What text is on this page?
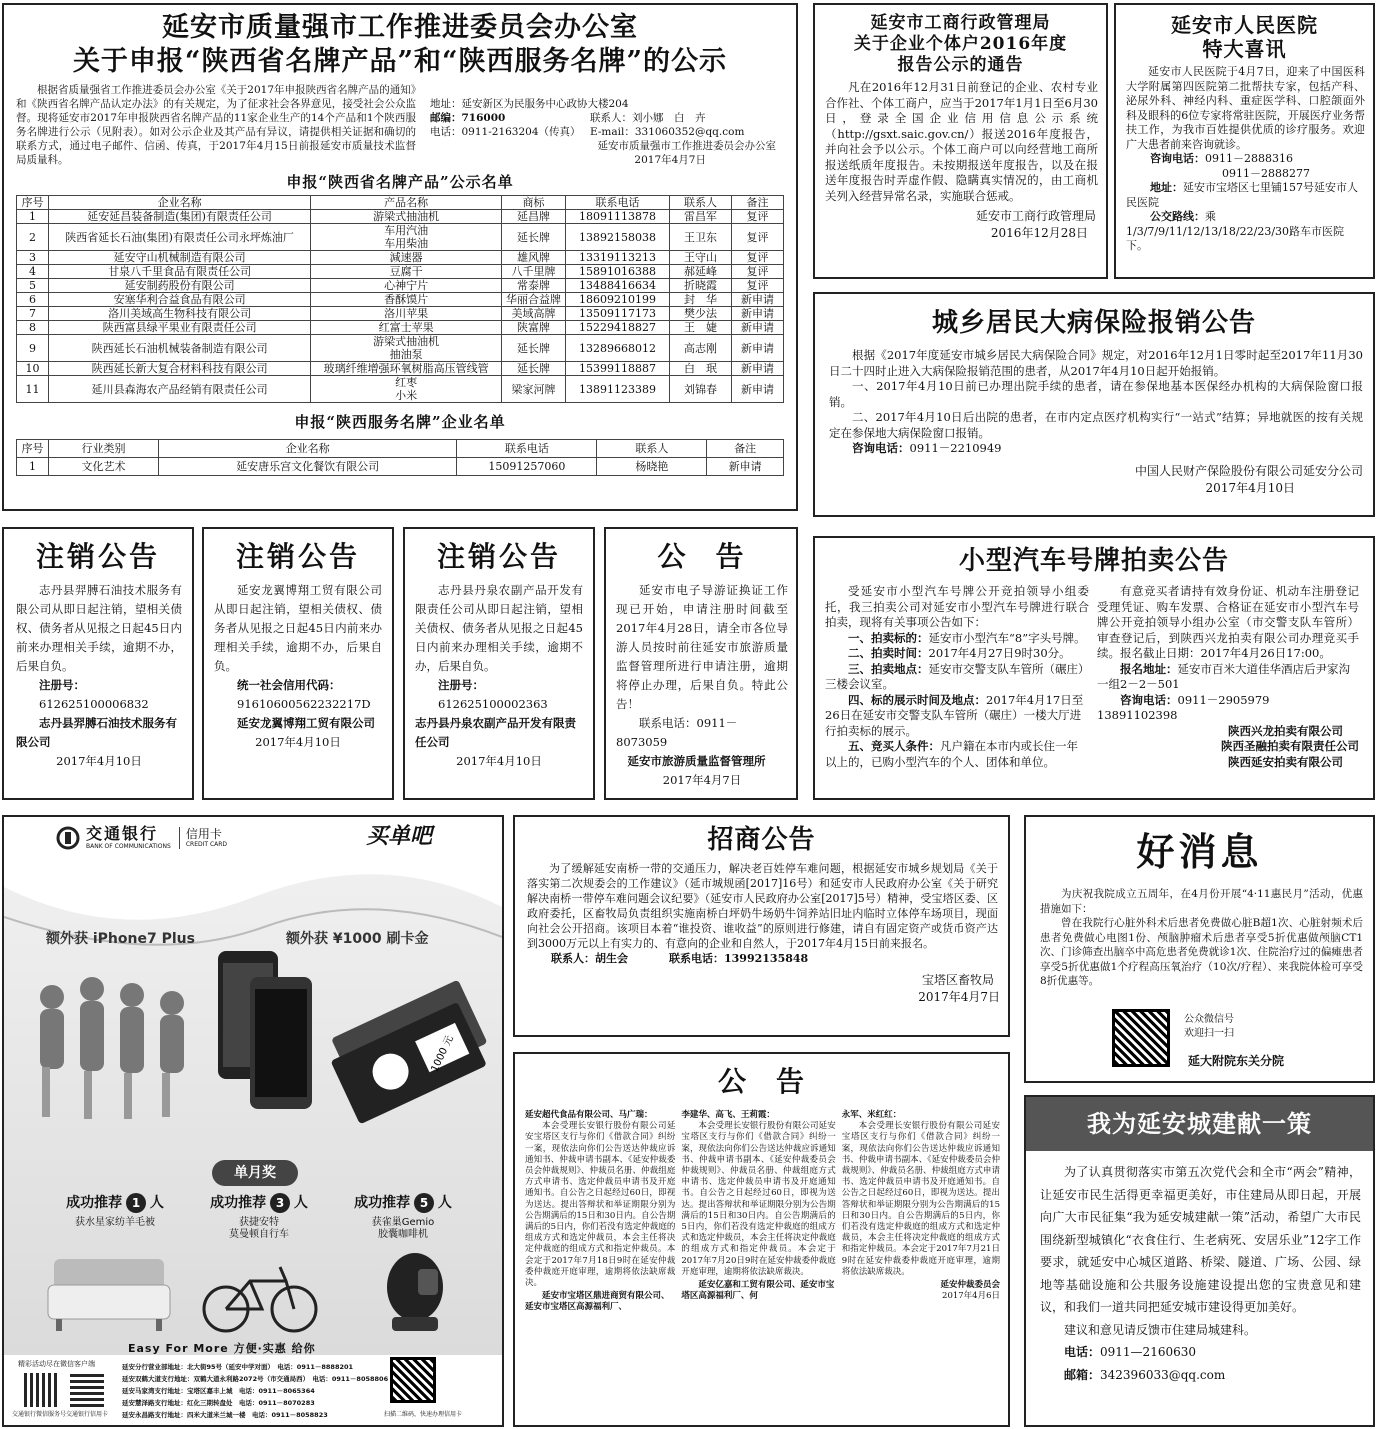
延安市质量强市工作推进委员会办公室
关于申报“陕西省名牌产品”和“陕西服务名牌”的公示
根据省质量强省工作推进委员会办公室《关于2017年申报陕西省名牌产品的通知》和《陕西省名牌产品认定办法》的有关规定，为了征求社会各界意见，接受社会公众监督。现将延安市2017年申报陕西省名牌产品的11家企业生产的14个产品和1个陕西服务名牌进行公示（见附表）。如对公示企业及其产品有异议，请提供相关证据和确切的联系方式，通过电子邮件、信函、传真，于2017年4月15日前报延安市质量技术监督局质量科。
地址：延安新区为民服务中心政协大楼204
邮编：716000	联系人：刘小娜　白　卉
电话：0911-2163204（传真） E-mail：331060352@qq.com
延安市质量强市工作推进委员会办公室
2017年4月7日
申报“陕西省名牌产品”公示名单
序号	企业名称	产品名称	商标	联系电话	联系人	备注
1	延安延昌装备制造(集团)有限责任公司	游梁式抽油机	延昌牌	18091113878	雷昌军	复评
2	陕西省延长石油(集团)有限责任公司永坪炼油厂	车用汽油
车用柴油	延长牌	13892158038	王卫东	复评
3	延安守山机械制造有限公司	減速器	雄风牌	13319113213	王守山	复评
4	甘泉八千里食品有限责任公司	豆腐干	八千里牌	15891016388	郝延峰	复评
5	延安制药股份有限公司	心神宁片	常泰牌	13488416634	折晓霞	复评
6	安塞华利合益食品有限公司	香酥馍片	华丽合益牌	18609210199	封　华	新申请
7	洛川美域高生物科技有限公司	洛川苹果	美域高牌	13509117173	樊少法	新申请
8	陕西富县绿平果业有限责任公司	红富士苹果	陕富牌	15229418827	王　婕	新申请
9	陕西延长石油机械装备制造有限公司	游梁式抽油机
抽油泵	延长牌	13289668012	高志刚	新申请
10	陕西延长新大复合材料科技有限公司	玻璃纤维增强环氧树脂高压管线管	延长牌	15399118887	白　珉	新申请
11	延川县森海农产品经销有限责任公司	红枣
小米	梁家河牌	13891123389	刘锦春	新申请
申报“陕西服务名牌”企业名单
序号	行业类别	企业名称	联系电话	联系人	备注
1	文化艺术	延安唐乐宫文化餐饮有限公司	15091257060	杨晓艳	新申请
延安市工商行政管理局
关于企业个体户2016年度
报告公示的通告
凡在2016年12月31日前登记的企业、农村专业合作社、个体工商户，应当于2017年1月1日至6月30日，登录全国企业信用信息公示系统（http://gsxt.saic.gov.cn/）报送2016年度报告，并向社会予以公示。个体工商户可以向经营地工商所报送纸质年度报告。未按期报送年度报告，以及在报送年度报告时弄虚作假、隐瞒真实情况的，由工商机关列入经营异常名录，实施联合惩戒。
延安市工商行政管理局
2016年12月28日
延安市人民医院
特大喜讯
延安市人民医院于4月7日，迎来了中国医科大学附属第四医院第二批帮扶专家，包括产科、泌尿外科、神经内科、重症医学科、口腔颌面外科及眼科的6位专家将常驻医院，开展医疗业务帮扶工作，为我市百姓提供优质的诊疗服务。欢迎广大患者前来咨询就诊。
咨询电话：0911－2888316
0911－2888277
地址：延安市宝塔区七里铺157号延安市人民医院
公交路线：乘1/3/7/9/11/12/13/18/22/23/30路车市医院下。
城乡居民大病保险报销公告
根据《2017年度延安市城乡居民大病保险合同》规定，对2016年12月1日零时起至2017年11月30日二十四时止进入大病保险报销范围的患者，从2017年4月10日起开始报销。
一、2017年4月10日前已办理出院手续的患者，请在参保地基本医保经办机构的大病保险窗口报销。
二、2017年4月10日后出院的患者，在市内定点医疗机构实行“一站式”结算；异地就医的按有关规定在参保地大病保险窗口报销。
咨询电话：0911－2210949
中国人民财产保险股份有限公司延安分公司
2017年4月10日
注销公告
志丹县羿膊石油技术服务有限公司从即日起注销，望相关债权、债务者从见报之日起45日内前来办理相关手续，逾期不办，后果自负。
注册号：
612625100006832
志丹县羿膊石油技术服务有限公司
2017年4月10日
注销公告
延安龙翼博翔工贸有限公司从即日起注销，望相关债权、债务者从见报之日起45日内前来办理相关手续，逾期不办，后果自负。
统一社会信用代码：
91610600562232217D
延安龙翼博翔工贸有限公司
2017年4月10日
注销公告
志丹县丹泉农副产品开发有限责任公司从即日起注销，望相关债权、债务者从见报之日起45日内前来办理相关手续，逾期不办，后果自负。
注册号：
612625100002363
志丹县丹泉农副产品开发有限责任公司
2017年4月10日
公　告
延安市电子导游证换证工作现已开始，申请注册时间截至2017年4月28日，请全市各位导游人员按时前往延安市旅游质量监督管理所进行申请注册，逾期将停止办理，后果自负。特此公告！
联系电话：0911－8073059
延安市旅游质量监督管理所
2017年4月7日
小型汽车号牌拍卖公告
受延安市小型汽车号牌公开竞拍领导小组委托，我三拍卖公司对延安市小型汽车号牌进行联合拍卖，现将有关事项公告如下：
一、拍卖标的：延安市小型汽车“8”字头号牌。
二、拍卖时间：2017年4月27日9时30分。
三、拍卖地点：延安市交警支队车管所（碾庄）三楼会议室。
四、标的展示时间及地点：2017年4月17日至26日在延安市交警支队车管所（碾庄）一楼大厅进行拍卖标的展示。
五、竞买人条件：凡户籍在本市内或长住一年以上的，已购小型汽车的个人、团体和单位。
有意竞买者请持有效身份证、机动车注册登记受理凭证、购车发票、合格证在延安市小型汽车号牌公开竞拍领导小组办公室（市交警支队车管所）审查登记后，到陕西兴龙拍卖有限公司办理竞买手续。报名截止日期：2017年4月26日17:00。
报名地址：延安市百米大道佳华酒店后尹家沟一组2－2－501
咨询电话：0911－2905979　13891102398
陕西兴龙拍卖有限公司
陕西圣融拍卖有限责任公司
陕西延安拍卖有限公司
交通银行
BANK OF COMMUNICATIONS
信用卡
CREDIT CARD	买单吧
额外获 iPhone7 Plus	额外获 ¥1000 刷卡金
1000 元
单月奖
成功推荐 1 人
获水星家纺羊毛被
成功推荐 3 人
获捷安特
莫曼顿自行车
成功推荐 5 人
获雀巢Gemio
胶囊咖啡机
Easy For More 方便·实惠 给你
精彩活动尽在微信客户端
交通银行微信服务号 交通银行信用卡
延安分行营业部地址：北大街95号（延安中学对面）　电话：0911－8888201
延安双鹤大道支行地址：双鹤大道永利路2072号（市交通局西）　电话：0911－8058806
延安马家湾支行地址：宝塔区嘉丰上城　电话：0911－8065364
延安慧泽路支行地址：红化三期转盘处　电话：0911－8070283
延安永昌路支行地址：四米大道米兰城一楼　电话：0911－8058823	扫描二维码，快速办理信用卡
招商公告
为了缓解延安南桥一带的交通压力，解决老百姓停车难问题，根据延安市城乡规划局《关于落实第二次规委会的工作建议》（延市城规函[2017]16号）和延安市人民政府办公室《关于研究解决南桥一带停车难问题会议纪要》（延安市人民政府办公室[2017]5号）精神，受宝塔区委、区政府委托，区畜牧局负责组织实施南桥白坪奶牛场奶牛饲养站旧址内临时立体停车场项目，现面向社会公开招商。该项目本着“谁投资、谁收益”的原则进行修建，请自有固定资产或货币资产达到3000万元以上有实力的、有意向的企业和自然人，于2017年4月15日前来报名。
联系人：胡生会	联系电话：13992135848
宝塔区畜牧局
2017年4月7日
公　告
延安超代食品有限公司、马广瑞：
本会受理长安银行股份有限公司延安宝塔区支行与你们《借款合同》纠纷一案，现依法向你们公告送达仲裁应诉通知书、仲裁申请书副本、《延安仲裁委员会仲裁规则》、仲裁员名册、仲裁组庭方式申请书、选定仲裁员申请书及开庭通知书。自公告之日起经过60日，即视为送达。提出答辩状和举证期限分别为公告期满后的15日和30日内。自公告期满后的5日内，你们若没有选定仲裁庭的组成方式和选定仲裁员，本会主任将决定仲裁庭的组成方式和指定仲裁员。本会定于2017年7月18日9时在延安仲裁委仲裁庭开庭审理，逾期将依法缺席裁决。
延安市宝塔区鼎进商贸有限公司、延安市宝塔区高源福利厂、
李建华、高飞、王莉霞：
本会受理长安银行股份有限公司延安宝塔区支行与你们《借款合同》纠纷一案，现依法向你们公告送达仲裁应诉通知书、仲裁申请书副本、《延安仲裁委员会仲裁规则》、仲裁员名册、仲裁组庭方式申请书、选定仲裁员申请书及开庭通知书。自公告之日起经过60日，即视为送达。提出答辩状和举证期限分别为公告期满后的15日和30日内。自公告期满后的5日内，你们若没有选定仲裁庭的组成方式和选定仲裁员，本会主任将决定仲裁庭的组成方式和指定仲裁员。本会定于2017年7月20日9时在延安仲裁委仲裁庭开庭审理，逾期将依法缺席裁决。
延安亿嘉和工贸有限公司、延安市宝塔区高源福利厂、何
永军、米红红：
本会受理长安银行股份有限公司延安宝塔区支行与你们《借款合同》纠纷一案，现依法向你们公告送达仲裁应诉通知书、仲裁申请书副本、《延安仲裁委员会仲裁规则》、仲裁员名册、仲裁组庭方式申请书、选定仲裁员申请书及开庭通知书。自公告之日起经过60日，即视为送达。提出答辩状和举证期限分别为公告期满后的15日和30日内。自公告期满后的5日内，你们若没有选定仲裁庭的组成方式和选定仲裁员，本会主任将决定仲裁庭的组成方式和指定仲裁员。本会定于2017年7月21日9时在延安仲裁委仲裁庭开庭审理，逾期将依法缺席裁决。
延安仲裁委员会
2017年4月6日
好消息
为庆祝我院成立五周年，在4月份开展“4·11惠民月”活动，优惠措施如下：
曾在我院行心脏外科术后患者免费做心脏B超1次、心脏射频术后患者免费做心电图1份、颅脑肿瘤术后患者享受5折优惠做颅脑CT1次、门诊筛查出脑卒中高危患者免费就诊1次、住院治疗过的偏瘫患者享受5折优惠做1个疗程高压氧治疗（10次/疗程）、来我院体检可享受8折优惠等。
公众微信号
欢迎扫一扫
延大附院东关分院
我为延安城建献一策
为了认真贯彻落实市第五次党代会和全市“两会”精神，让延安市民生活得更幸福更美好，市住建局从即日起，开展向广大市民征集“我为延安城建献一策”活动，希望广大市民围绕新型城镇化“衣食住行、生老病死、安居乐业”12字工作要求，就延安中心城区道路、桥梁、隧道、广场、公园、绿地等基础设施和公共服务设施建设提出您的宝贵意见和建议，和我们一道共同把延安城市建设得更加美好。
建议和意见请反馈市住建局城建科。
电话：0911—2160630
邮箱：342396033@qq.com
